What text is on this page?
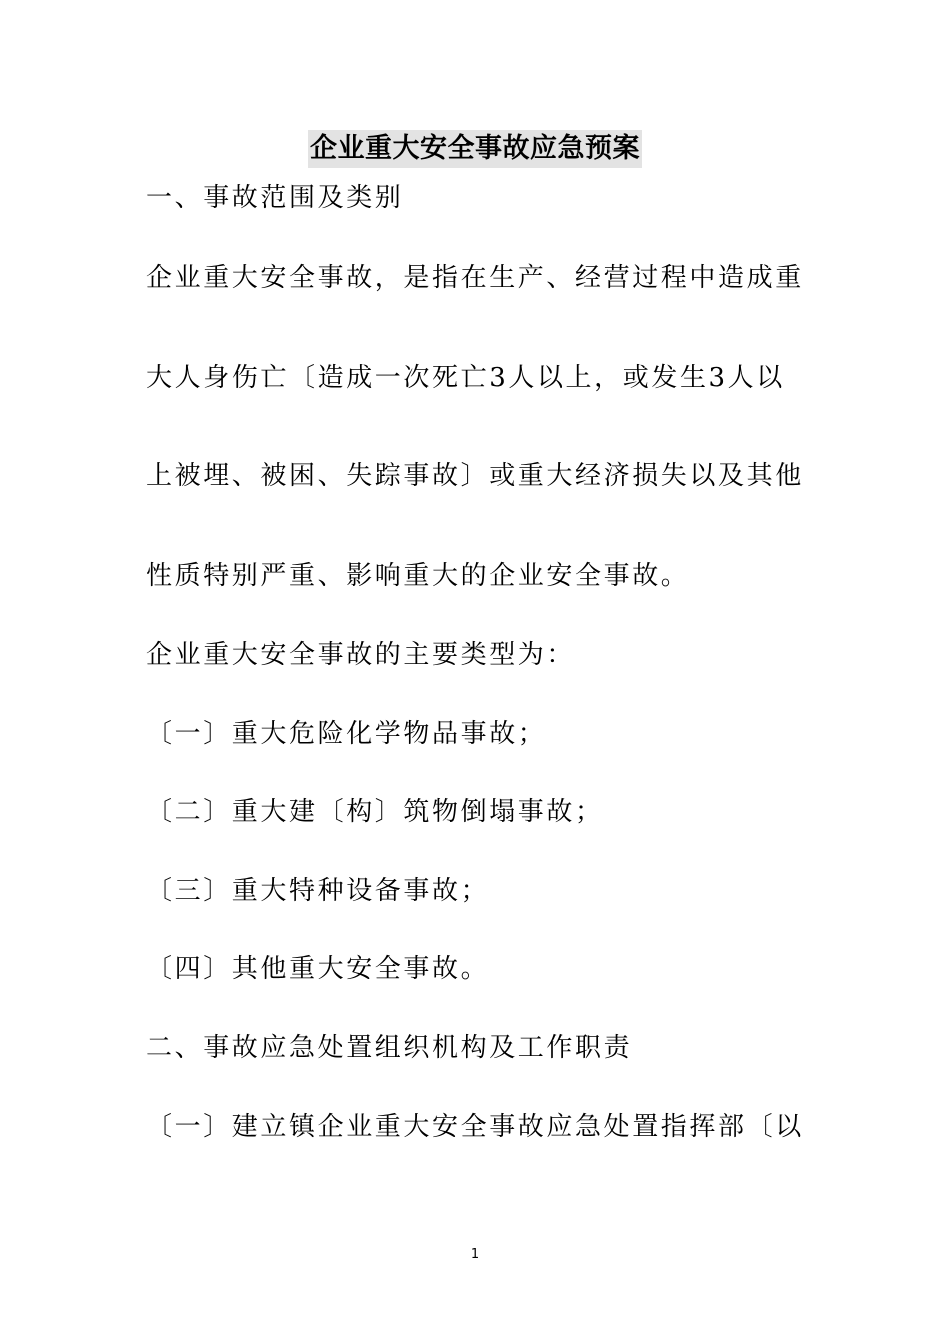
企业重大安全事故应急预案
一、事故范围及类别
企业重大安全事故，是指在生产、经营过程中造成重
大人身伤亡〔造成一次死亡3人以上，或发生3人以
上被埋、被困、失踪事故〕或重大经济损失以及其他
性质特别严重、影响重大的企业安全事故。
企业重大安全事故的主要类型为：
〔一〕重大危险化学物品事故；
〔二〕重大建〔构〕筑物倒塌事故；
〔三〕重大特种设备事故；
〔四〕其他重大安全事故。
二、事故应急处置组织机构及工作职责
〔一〕建立镇企业重大安全事故应急处置指挥部〔以
1
